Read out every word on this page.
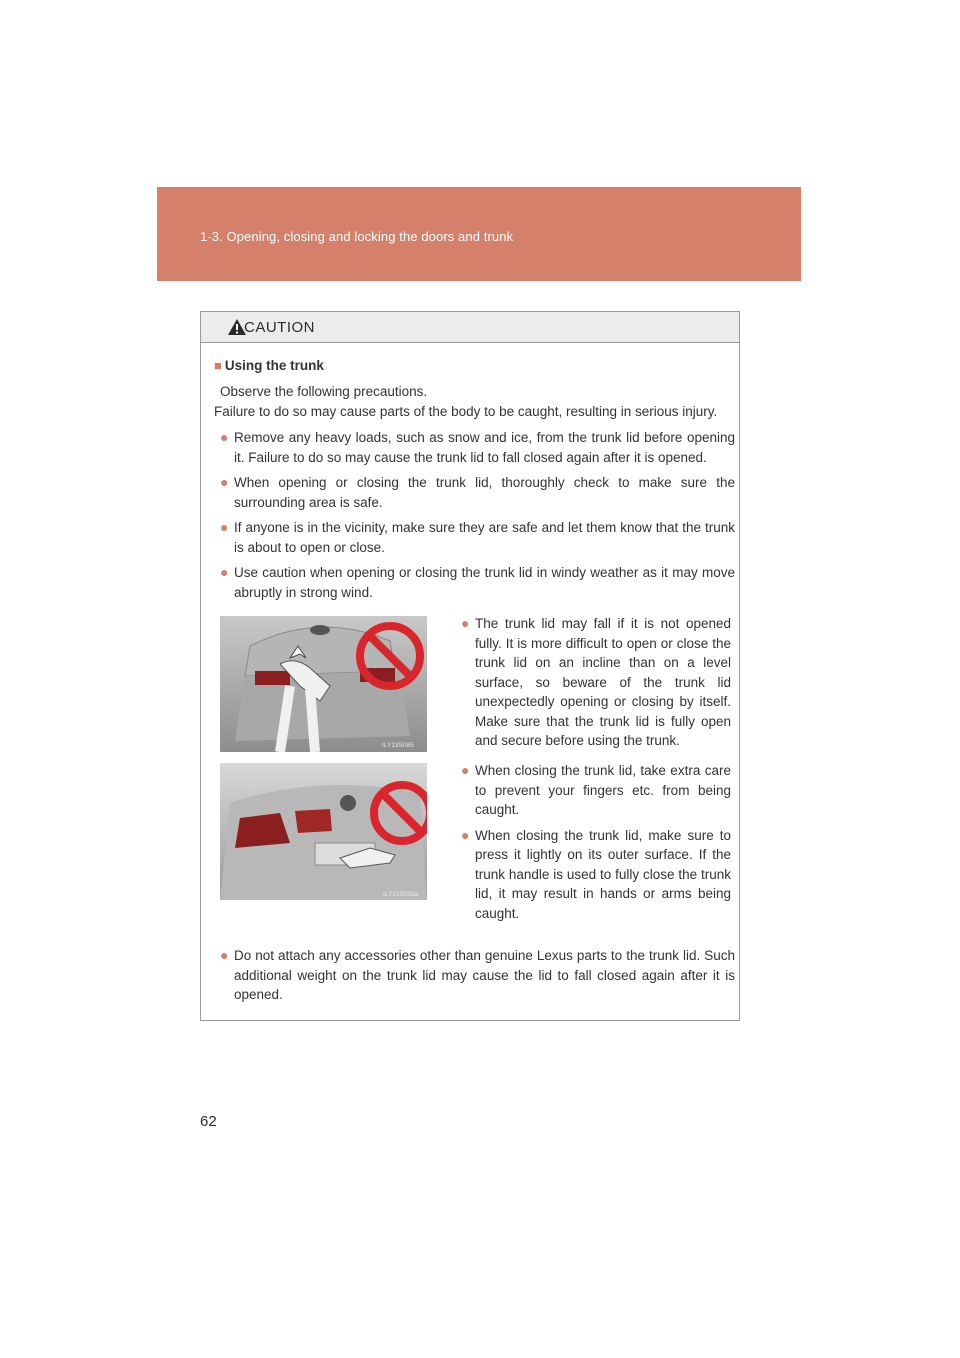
1-3. Opening, closing and locking the doors and trunk
CAUTION
■ Using the trunk
Observe the following precautions.
Failure to do so may cause parts of the body to be caught, resulting in serious injury.
● Remove any heavy loads, such as snow and ice, from the trunk lid before opening it. Failure to do so may cause the trunk lid to fall closed again after it is opened.
● When opening or closing the trunk lid, thoroughly check to make sure the surrounding area is safe.
● If anyone is in the vicinity, make sure they are safe and let them know that the trunk is about to open or close.
● Use caution when opening or closing the trunk lid in windy weather as it may move abruptly in strong wind.
ILY13S085
● The trunk lid may fall if it is not opened fully. It is more difficult to open or close the trunk lid on an incline than on a level surface, so beware of the trunk lid unexpectedly opening or closing by itself. Make sure that the trunk lid is fully open and secure before using the trunk.
ILY13S039a
● When closing the trunk lid, take extra care to prevent your fingers etc. from being caught.
● When closing the trunk lid, make sure to press it lightly on its outer surface. If the trunk handle is used to fully close the trunk lid, it may result in hands or arms being caught.
● Do not attach any accessories other than genuine Lexus parts to the trunk lid. Such additional weight on the trunk lid may cause the lid to fall closed again after it is opened.
62
